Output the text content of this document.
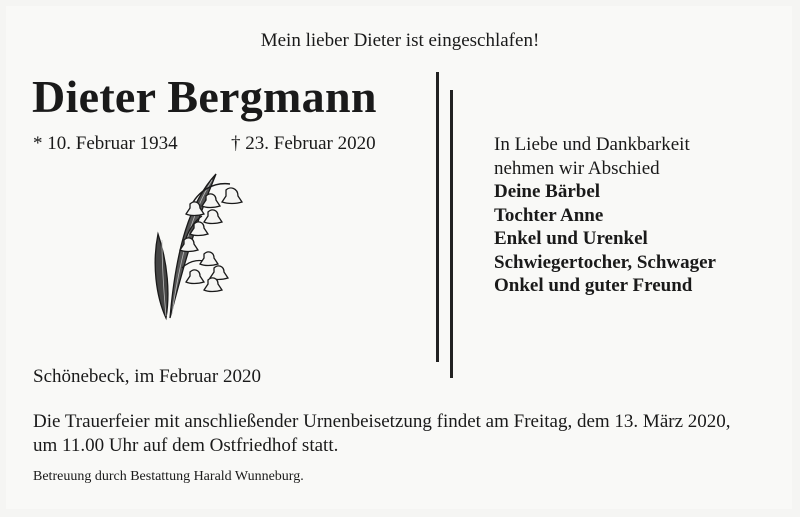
Mein lieber Dieter ist eingeschlafen!
Dieter Bergmann
* 10. Februar 1934	† 23. Februar 2020	In Liebe und Dankbarkeit
nehmen wir Abschied
Deine Bärbel
Tochter Anne
Enkel und Urenkel
Schwiegertocher, Schwager
Onkel und guter Freund
Schönebeck, im Februar 2020
Die Trauerfeier mit anschließender Urnenbeisetzung findet am Freitag, dem 13. März 2020,
um 11.00 Uhr auf dem Ostfriedhof statt.
Betreuung durch Bestattung Harald Wunneburg.
